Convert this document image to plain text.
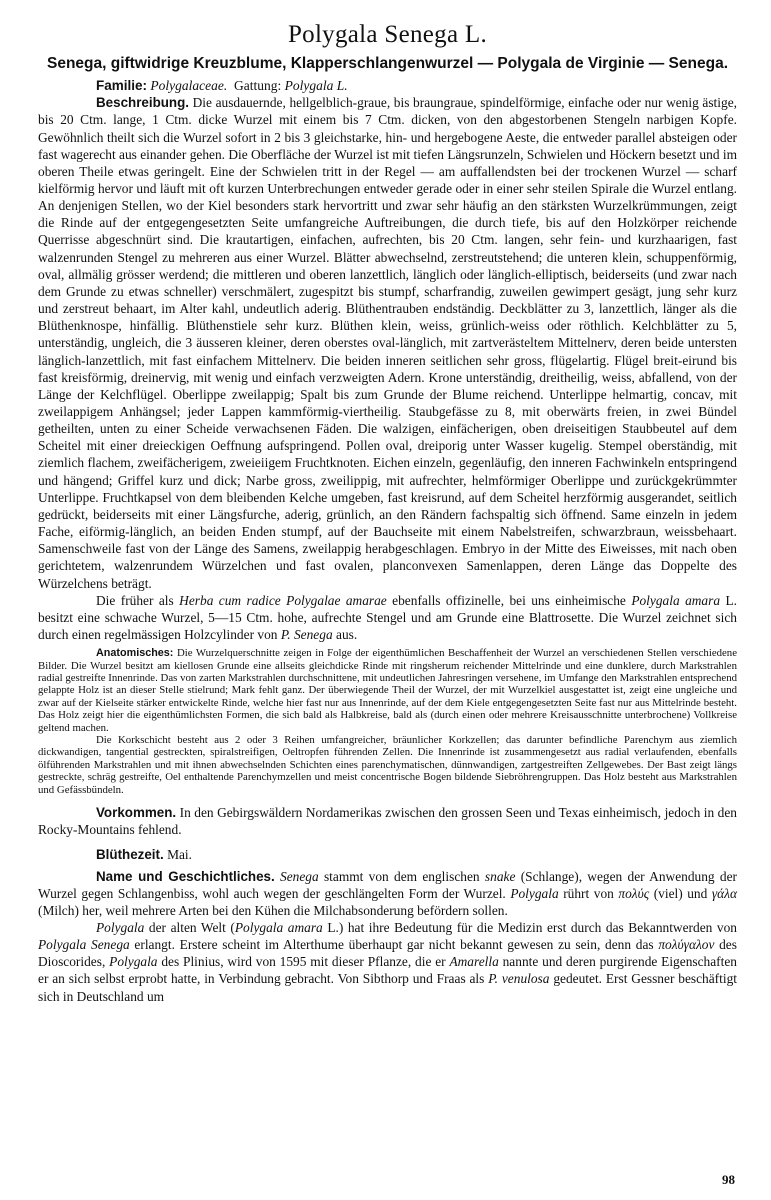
Polygala Senega L.

Senega, giftwidrige Kreuzblume, Klapperschlangenwurzel — Polygala de Virginie — Senega.

Familie: Polygalaceae. Gattung: Polygala L.

Beschreibung. Die ausdauernde, hellgelblich-graue, bis braungraue, spindelförmige, einfache oder nur wenig ästige, bis 20 Ctm. lange, 1 Ctm. dicke Wurzel mit einem bis 7 Ctm. dicken, von den abgestorbenen Stengeln narbigen Kopfe. Gewöhnlich theilt sich die Wurzel sofort in 2 bis 3 gleichstarke, hin- und hergebogene Aeste, die entweder parallel absteigen oder fast wagerecht aus einander gehen. Die Oberfläche der Wurzel ist mit tiefen Längsrunzeln, Schwielen und Höckern besetzt und im oberen Theile etwas geringelt. Eine der Schwielen tritt in der Regel — am auffallendsten bei der trockenen Wurzel — scharf kielförmig hervor und läuft mit oft kurzen Unterbrechungen entweder gerade oder in einer sehr steilen Spirale die Wurzel entlang. An denjenigen Stellen, wo der Kiel besonders stark hervortritt und zwar sehr häufig an den stärksten Wurzelkrümmungen, zeigt die Rinde auf der entgegengesetzten Seite umfangreiche Auftreibungen, die durch tiefe, bis auf den Holzkörper reichende Querrisse abgeschnürt sind. Die krautartigen, einfachen, aufrechten, bis 20 Ctm. langen, sehr fein- und kurzhaarigen, fast walzenrunden Stengel zu mehreren aus einer Wurzel. Blätter abwechselnd, zerstreutstehend; die unteren klein, schuppenförmig, oval, allmälig grösser werdend; die mittleren und oberen lanzettlich, länglich oder länglich-elliptisch, beiderseits (und zwar nach dem Grunde zu etwas schneller) verschmälert, zugespitzt bis stumpf, scharfrandig, zuweilen gewimpert gesägt, jung sehr kurz und zerstreut behaart, im Alter kahl, undeutlich aderig. Blüthentrauben endständig. Deckblätter zu 3, lanzettlich, länger als die Blüthenknospe, hinfällig. Blüthenstiele sehr kurz. Blüthen klein, weiss, grünlich-weiss oder röthlich. Kelchblätter zu 5, unterständig, ungleich, die 3 äusseren kleiner, deren oberstes oval-länglich, mit zartverästeltem Mittelnerv, deren beide untersten länglich-lanzettlich, mit fast einfachem Mittelnerv. Die beiden inneren seitlichen sehr gross, flügelartig. Flügel breit-eirund bis fast kreisförmig, dreinervig, mit wenig und einfach verzweigten Adern. Krone unterständig, dreitheilig, weiss, abfallend, von der Länge der Kelchflügel. Oberlippe zweilappig; Spalt bis zum Grunde der Blume reichend. Unterlippe helmartig, concav, mit zweilappigem Anhängsel; jeder Lappen kammförmig-viertheilig. Staubgefässe zu 8, mit oberwärts freien, in zwei Bündel getheilten, unten zu einer Scheide verwachsenen Fäden. Die walzigen, einfächerigen, oben dreiseitigen Staubbeutel auf dem Scheitel mit einer dreieckigen Oeffnung aufspringend. Pollen oval, dreiporig unter Wasser kugelig. Stempel oberständig, mit ziemlich flachem, zweifächerigem, zweieiigem Fruchtknoten. Eichen einzeln, gegenläufig, den inneren Fachwinkeln entspringend und hängend; Griffel kurz und dick; Narbe gross, zweilippig, mit aufrechter, helmförmiger Oberlippe und zurückgekrümmter Unterlippe. Fruchtkapsel von dem bleibenden Kelche umgeben, fast kreisrund, auf dem Scheitel herzförmig ausgerandet, seitlich gedrückt, beiderseits mit einer Längsfurche, aderig, grünlich, an den Rändern fachspaltig sich öffnend. Same einzeln in jedem Fache, eiförmig-länglich, an beiden Enden stumpf, auf der Bauchseite mit einem Nabelstreifen, schwarzbraun, weissbehaart. Samenschweile fast von der Länge des Samens, zweilappig herabgeschlagen. Embryo in der Mitte des Eiweisses, mit nach oben gerichtetem, walzenrundem Würzelchen und fast ovalen, planconvexen Samenlappen, deren Länge das Doppelte des Würzelchens beträgt.

Die früher als Herba cum radice Polygalae amarae ebenfalls offizinelle, bei uns einheimische Polygala amara L. besitzt eine schwache Wurzel, 5—15 Ctm. hohe, aufrechte Stengel und am Grunde eine Blattrosette. Die Wurzel zeichnet sich durch einen regelmässigen Holzcylinder von P. Senega aus.

Anatomisches: Die Wurzelquerschnitte zeigen in Folge der eigenthümlichen Beschaffenheit der Wurzel an verschiedenen Stellen verschiedene Bilder. Die Wurzel besitzt am kiellosen Grunde eine allseits gleichdicke Rinde mit ringsherum reichender Mittelrinde und eine dunklere, durch Markstrahlen radial gestreifte Innenrinde. Das von zarten Markstrahlen durchschnittene, mit undeutlichen Jahresringen versehene, im Umfange den Markstrahlen entsprechend gelappte Holz ist an dieser Stelle stielrund; Mark fehlt ganz. Der überwiegende Theil der Wurzel, der mit Wurzelkiel ausgestattet ist, zeigt eine ungleiche und zwar auf der Kielseite stärker entwickelte Rinde, welche hier fast nur aus Innenrinde, auf der dem Kiele entgegengesetzten Seite fast nur aus Mittelrinde besteht. Das Holz zeigt hier die eigenthümlichsten Formen, die sich bald als Halbkreise, bald als (durch einen oder mehrere Kreisausschnitte unterbrochene) Vollkreise geltend machen.

Die Korkschicht besteht aus 2 oder 3 Reihen umfangreicher, bräunlicher Korkzellen; das darunter befindliche Parenchym aus ziemlich dickwandigen, tangential gestreckten, spiralstreifigen, Oeltropfen führenden Zellen. Die Innenrinde ist zusammengesetzt aus radial verlaufenden, ebenfalls ölführenden Markstrahlen und mit ihnen abwechselnden Schichten eines parenchymatischen, dünnwandigen, zartgestreiften Zellgewebes. Der Bast zeigt längs gestreckte, schräg gestreifte, Oel enthaltende Parenchymzellen und meist concentrische Bogen bildende Siebröhrengruppen. Das Holz besteht aus Markstrahlen und Gefässbündeln.

Vorkommen. In den Gebirgswäldern Nordamerikas zwischen den grossen Seen und Texas einheimisch, jedoch in den Rocky-Mountains fehlend.

Blüthezeit. Mai.

Name und Geschichtliches. Senega stammt von dem englischen snake (Schlange), wegen der Anwendung der Wurzel gegen Schlangenbiss, wohl auch wegen der geschlängelten Form der Wurzel. Polygala rührt von πολύς (viel) und γάλα (Milch) her, weil mehrere Arten bei den Kühen die Milchabsonderung befördern sollen.

Polygala der alten Welt (Polygala amara L.) hat ihre Bedeutung für die Medizin erst durch das Bekanntwerden von Polygala Senega erlangt. Erstere scheint im Alterthume überhaupt gar nicht bekannt gewesen zu sein, denn das πολύγαλον des Dioscorides, Polygala des Plinius, wird von 1595 mit dieser Pflanze, die er Amarella nannte und deren purgirende Eigenschaften er an sich selbst erprobt hatte, in Verbindung gebracht. Von Sibthorp und Fraas als P. venulosa gedeutet. Erst Gessner beschäftigt sich in Deutschland um

98
